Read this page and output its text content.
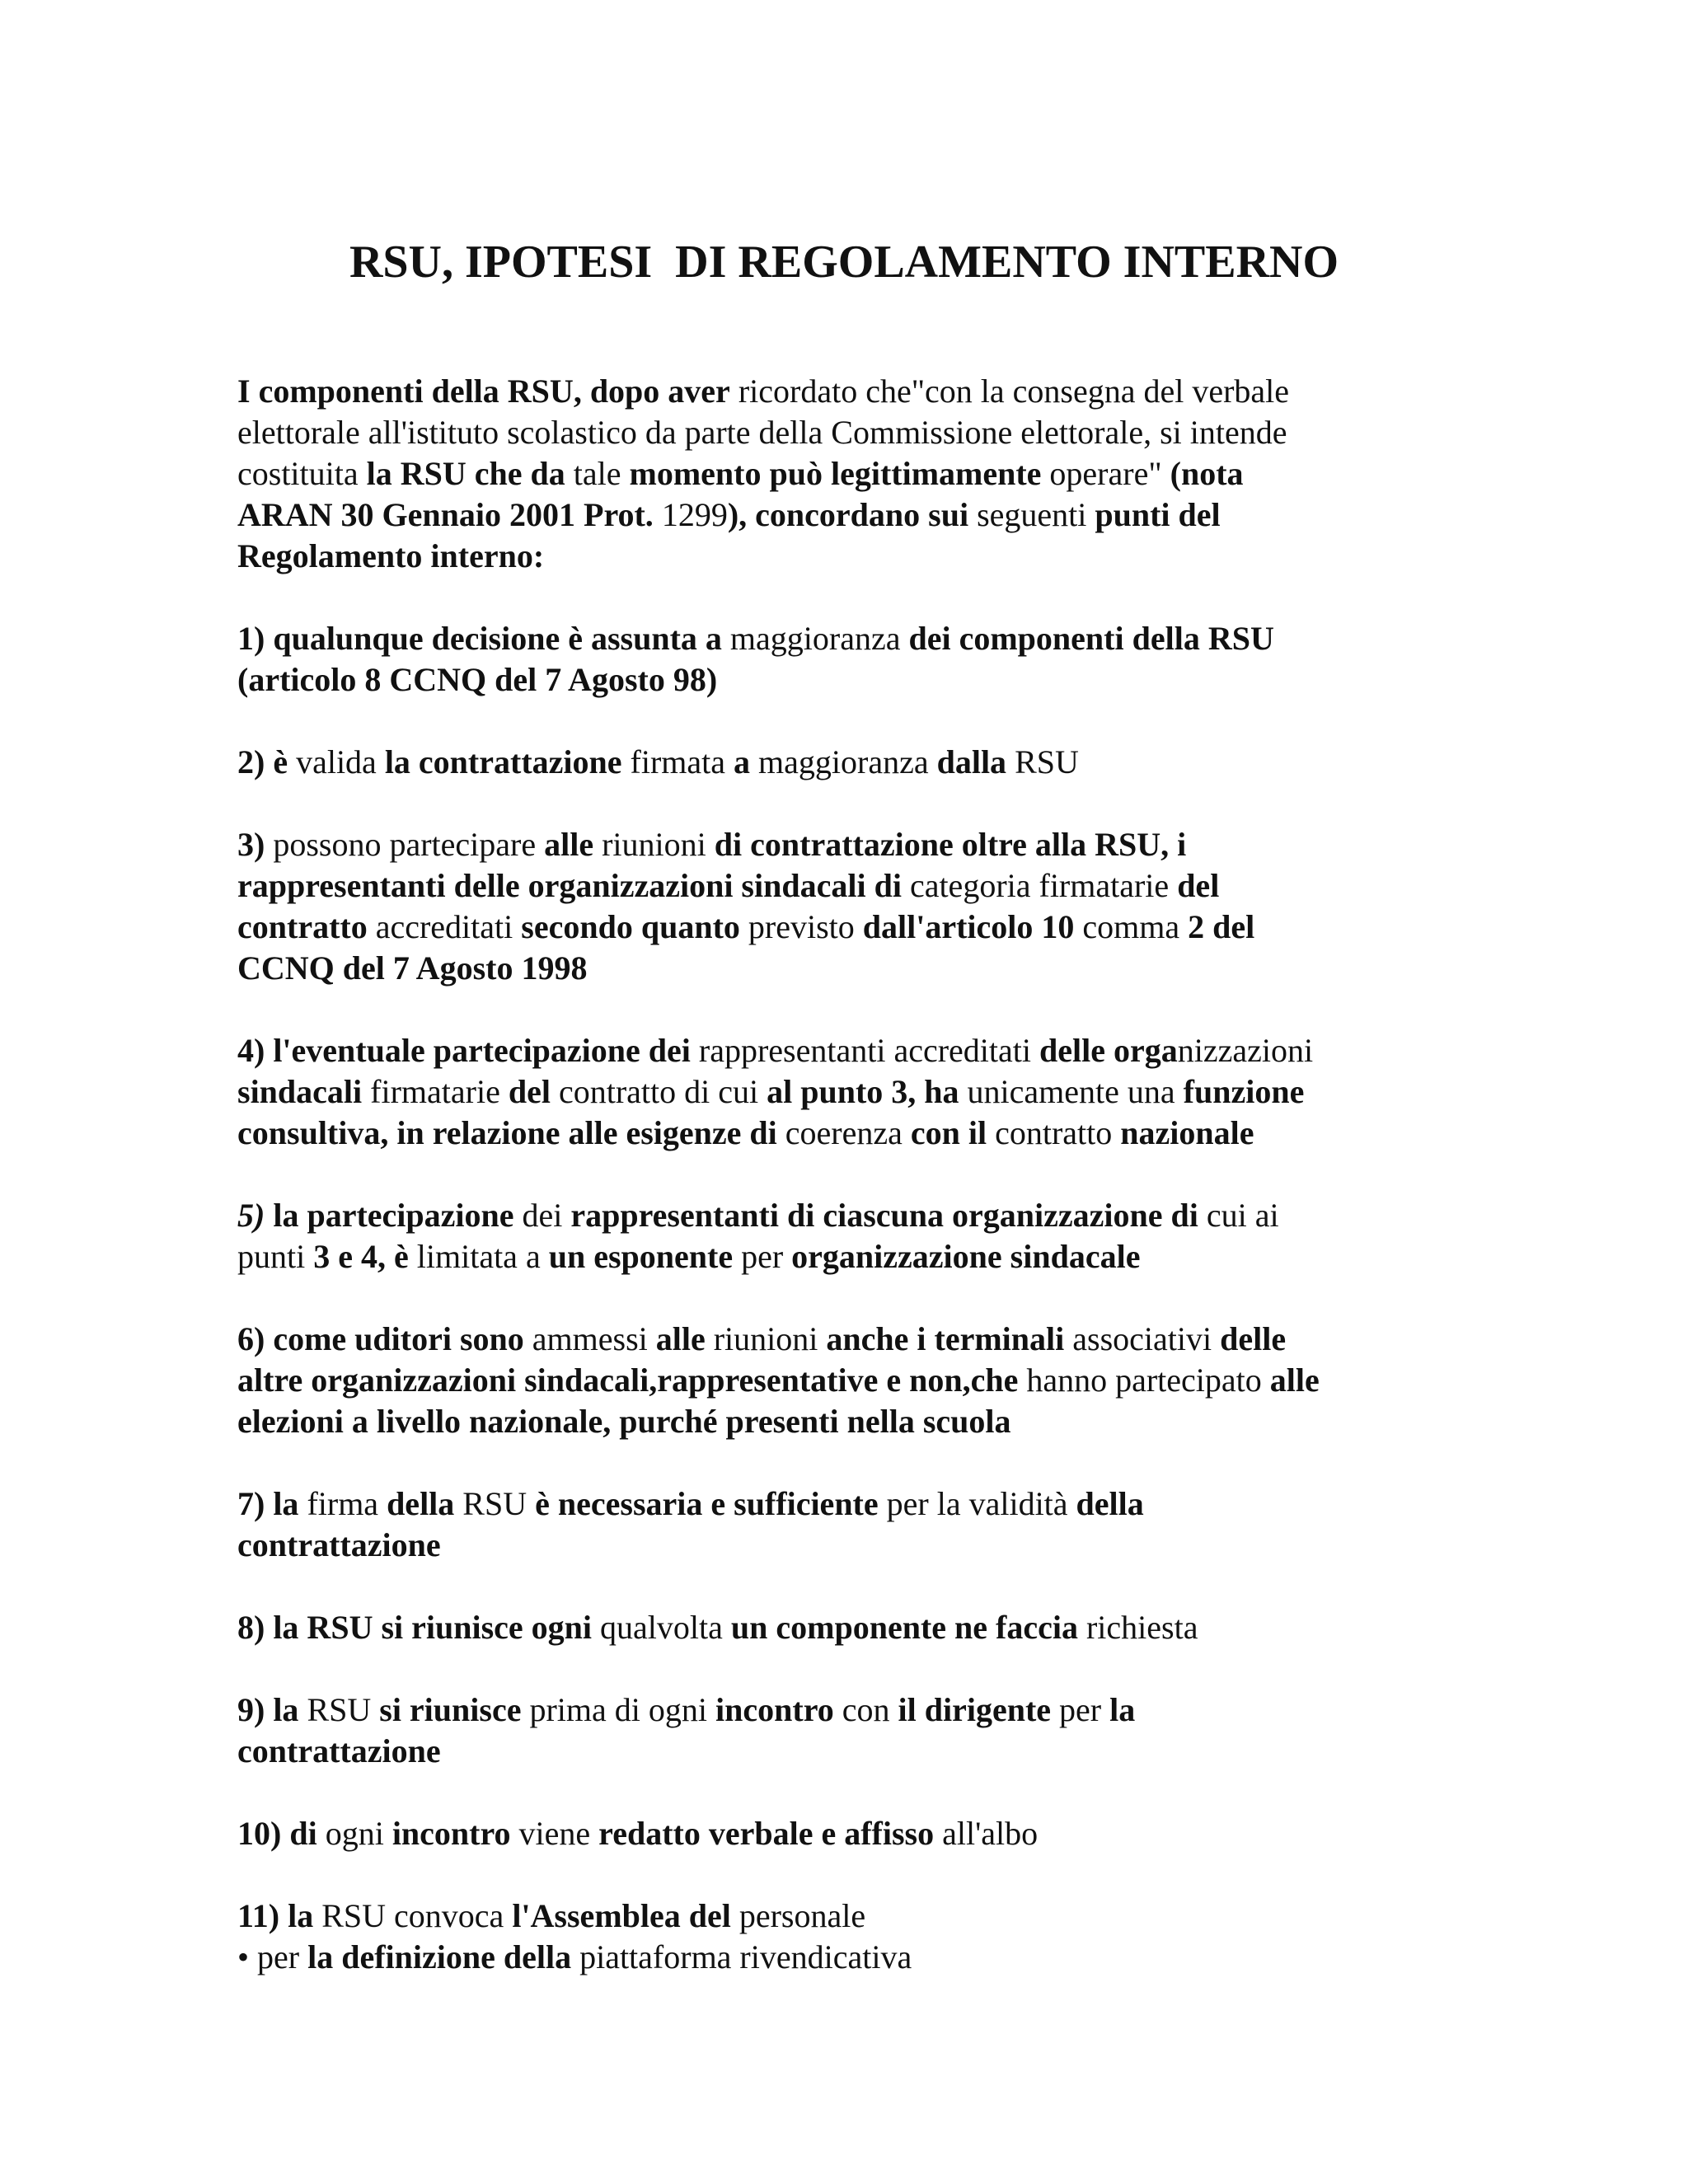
RSU, IPOTESI  DI REGOLAMENTO INTERNO

I componenti della RSU, dopo aver ricordato che"con la consegna del verbale
elettorale all'istituto scolastico da parte della Commissione elettorale, si intende
costituita la RSU che da tale momento può legittimamente operare" (nota
ARAN 30 Gennaio 2001 Prot. 1299), concordano sui seguenti punti del
Regolamento interno:

1) qualunque decisione è assunta a maggioranza dei componenti della RSU
(articolo 8 CCNQ del 7 Agosto 98)

2) è valida la contrattazione firmata a maggioranza dalla RSU

3) possono partecipare alle riunioni di contrattazione oltre alla RSU, i
rappresentanti delle organizzazioni sindacali di categoria firmatarie del
contratto accreditati secondo quanto previsto dall'articolo 10 comma 2 del
CCNQ del 7 Agosto 1998

4) l'eventuale partecipazione dei rappresentanti accreditati delle organizzazioni
sindacali firmatarie del contratto di cui al punto 3, ha unicamente una funzione
consultiva, in relazione alle esigenze di coerenza con il contratto nazionale

5) la partecipazione dei rappresentanti di ciascuna organizzazione di cui ai
punti 3 e 4, è limitata a un esponente per organizzazione sindacale

6) come uditori sono ammessi alle riunioni anche i terminali associativi delle
altre organizzazioni sindacali,rappresentative e non,che hanno partecipato alle
elezioni a livello nazionale, purché presenti nella scuola

7) la firma della RSU è necessaria e sufficiente per la validità della
contrattazione

8) la RSU si riunisce ogni qualvolta un componente ne faccia richiesta

9) la RSU si riunisce prima di ogni incontro con il dirigente per la
contrattazione

10) di ogni incontro viene redatto verbale e affisso all'albo

11) la RSU convoca l'Assemblea del personale
• per la definizione della piattaforma rivendicativa
